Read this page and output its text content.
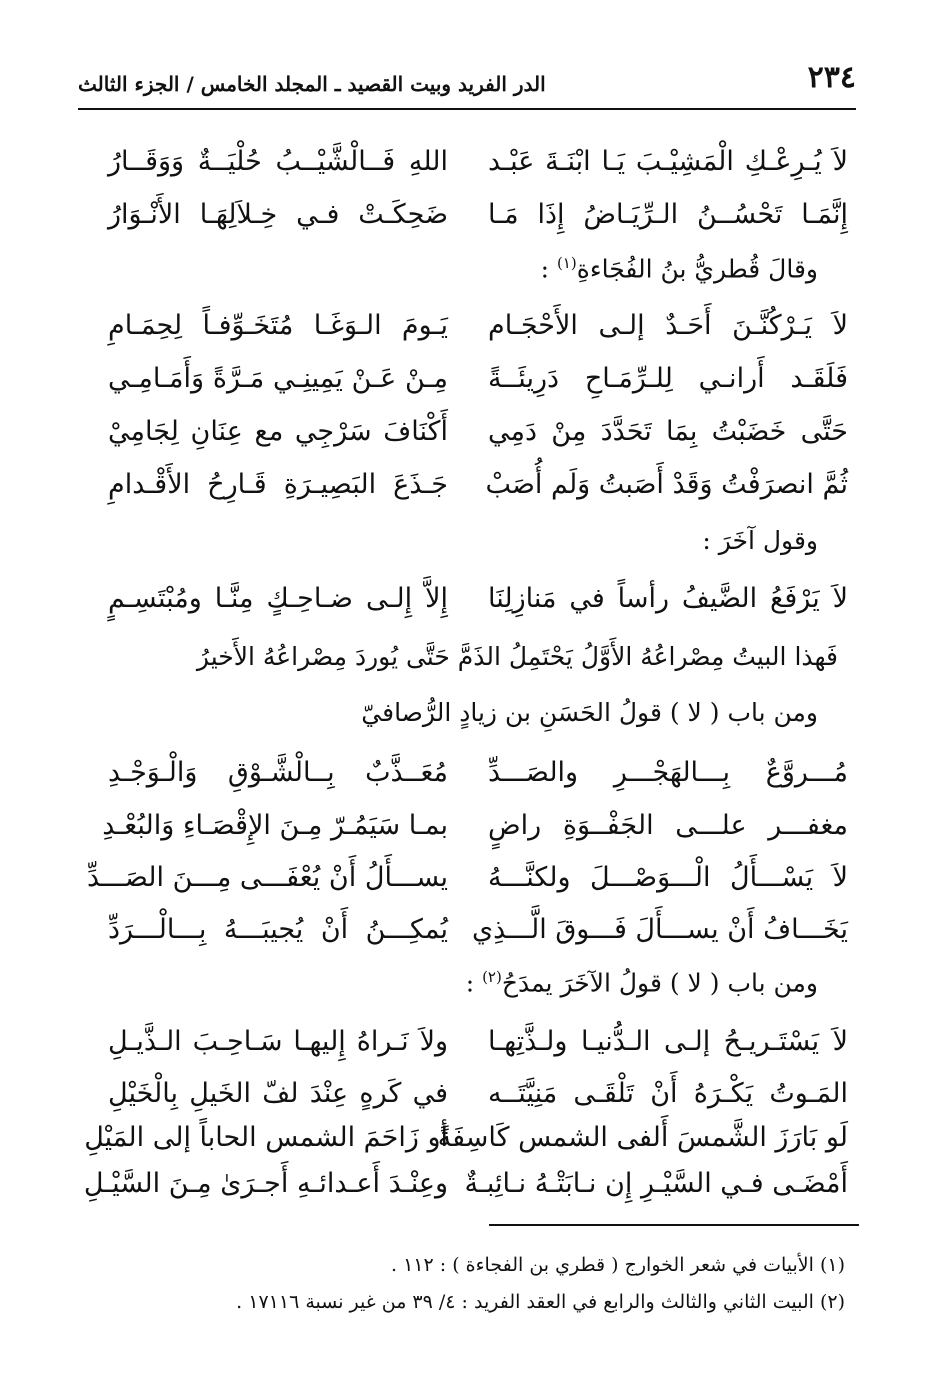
٢٣٤
الدر الفريد وبيت القصيد ـ المجلد الخامس / الجزء الثالث
لاَ يُـرِعْـكِ الْمَشِيْـبَ يَـا ابْنَـةَ عَبْـد
اللهِ فَــالْشَّيْــبُ حُلْيَــةٌ وَوَقَــارُ
إِنَّمَـا تَحْسُــنُ الـرِّيَـاضُ إِذَا مَـا
ضَحِكَـتْ فـي خِـلاَلِهَـا الأَنْـوَارُ
وقالَ قُطريُّ بنُ الفُجَاءةِ$^{(١)}$ :
لاَ يَـرْكُنَّـنَ أَحَـدٌ إلـى الأَحْجَـام
يَـومَ الـوَغَـا مُتَخَـوِّفـاً لِحِمَـامِ
فَلَقَـد أَرانـي لِلـرِّمَـاحِ دَرِيئَــةً
مِـنْ عَـنْ يَمِينِـي مَـرَّةً وَأَمَـامِـي
حَتَّى خَضَبْتُ بِمَا تَحَدَّدَ مِنْ دَمِي
أَكْنَافَ سَرْجِي مع عِنَانِ لِجَامِيْ
ثُمَّ انصرَفْتُ وَقَدْ أَصَبتُ وَلَم أُصَبْ
جَـذَعَ البَصِيـرَةِ قَـارِحُ الأَقْـدامِ
وقول آخَرَ :
لاَ يَرْفَعُ الضَّيفُ رأساً في مَنازِلِنَا
إِلاَّ إِلـى ضـاحِـكٍ مِنَّـا ومُبْتَسِـمٍ
فَهذا البيتُ مِصْراعُهُ الأَوَّلُ يَحْتَمِلُ الذَمَّ حَتَّى يُوردَ مِصْراعُهُ الأَخيرُ
ومن باب ( لا ) قولُ الحَسَنِ بن زيادٍ الرُّصافيّ
مُـــروَّعٌ بِـــالهَجْـــرِ والصَـــدِّ
مُعَــذَّبٌ بِــالْشَّـوْقِ وَالْـوَجْـدِ
مغفـــر علـــى الجَفْــوَةِ راضٍ
بمـا سَيَمُـرّ مِـنَ الإِقْصَـاءِ وَالبُعْـدِ
لاَ يَسْـــأَلُ الْـــوَصْـــلَ ولكنَّـــهُ
يســـأَلُ أَنْ يُعْفَـــى مِـــنَ الصَـــدِّ
يَخَـــافُ أَنْ يســـأَلَ فَـــوقَ الَّـــذِي
يُمكِـــنُ أَنْ يُجيبَـــهُ بِـــالْـــرَدِّ
ومن باب ( لا ) قولُ الآخَرَ يمدَحُ$^{(٢)}$ :
لاَ يَسْتَـريـحُ إلـى الـدُّنيـا ولـذَّتِهـا
ولاَ نَـراهُ إِليهـا سَـاحِـبَ الـذَّيـلِ
المَـوتُ يَكْـرَهُ أَنْ تَلْقَـى مَنِيَّتَــه
في كَرهٍ عِنْدَ لفّ الخَيلِ بِالْخَيْلِ
لَو بَارَزَ الشَّمسَ أَلفى الشمس كَاسِفَةً
أو زَاحَمَ الشمس الحاباً إلى المَيْلِ
أَمْضَـى فـي السَّيْـرِ إِن نـابَتْـهُ نـائِبـةٌ
وعِنْـدَ أَعـدائـهِ أَجـرَىٰ مِـنَ السَّيْـلِ
(١) الأبيات في شعر الخوارج ( قطري بن الفجاءة ) : ١١٢ .
(٢) البيت الثاني والثالث والرابع في العقد الفريد : ٤/ ٣٩ من غير نسبة ١٧١١٦ .
